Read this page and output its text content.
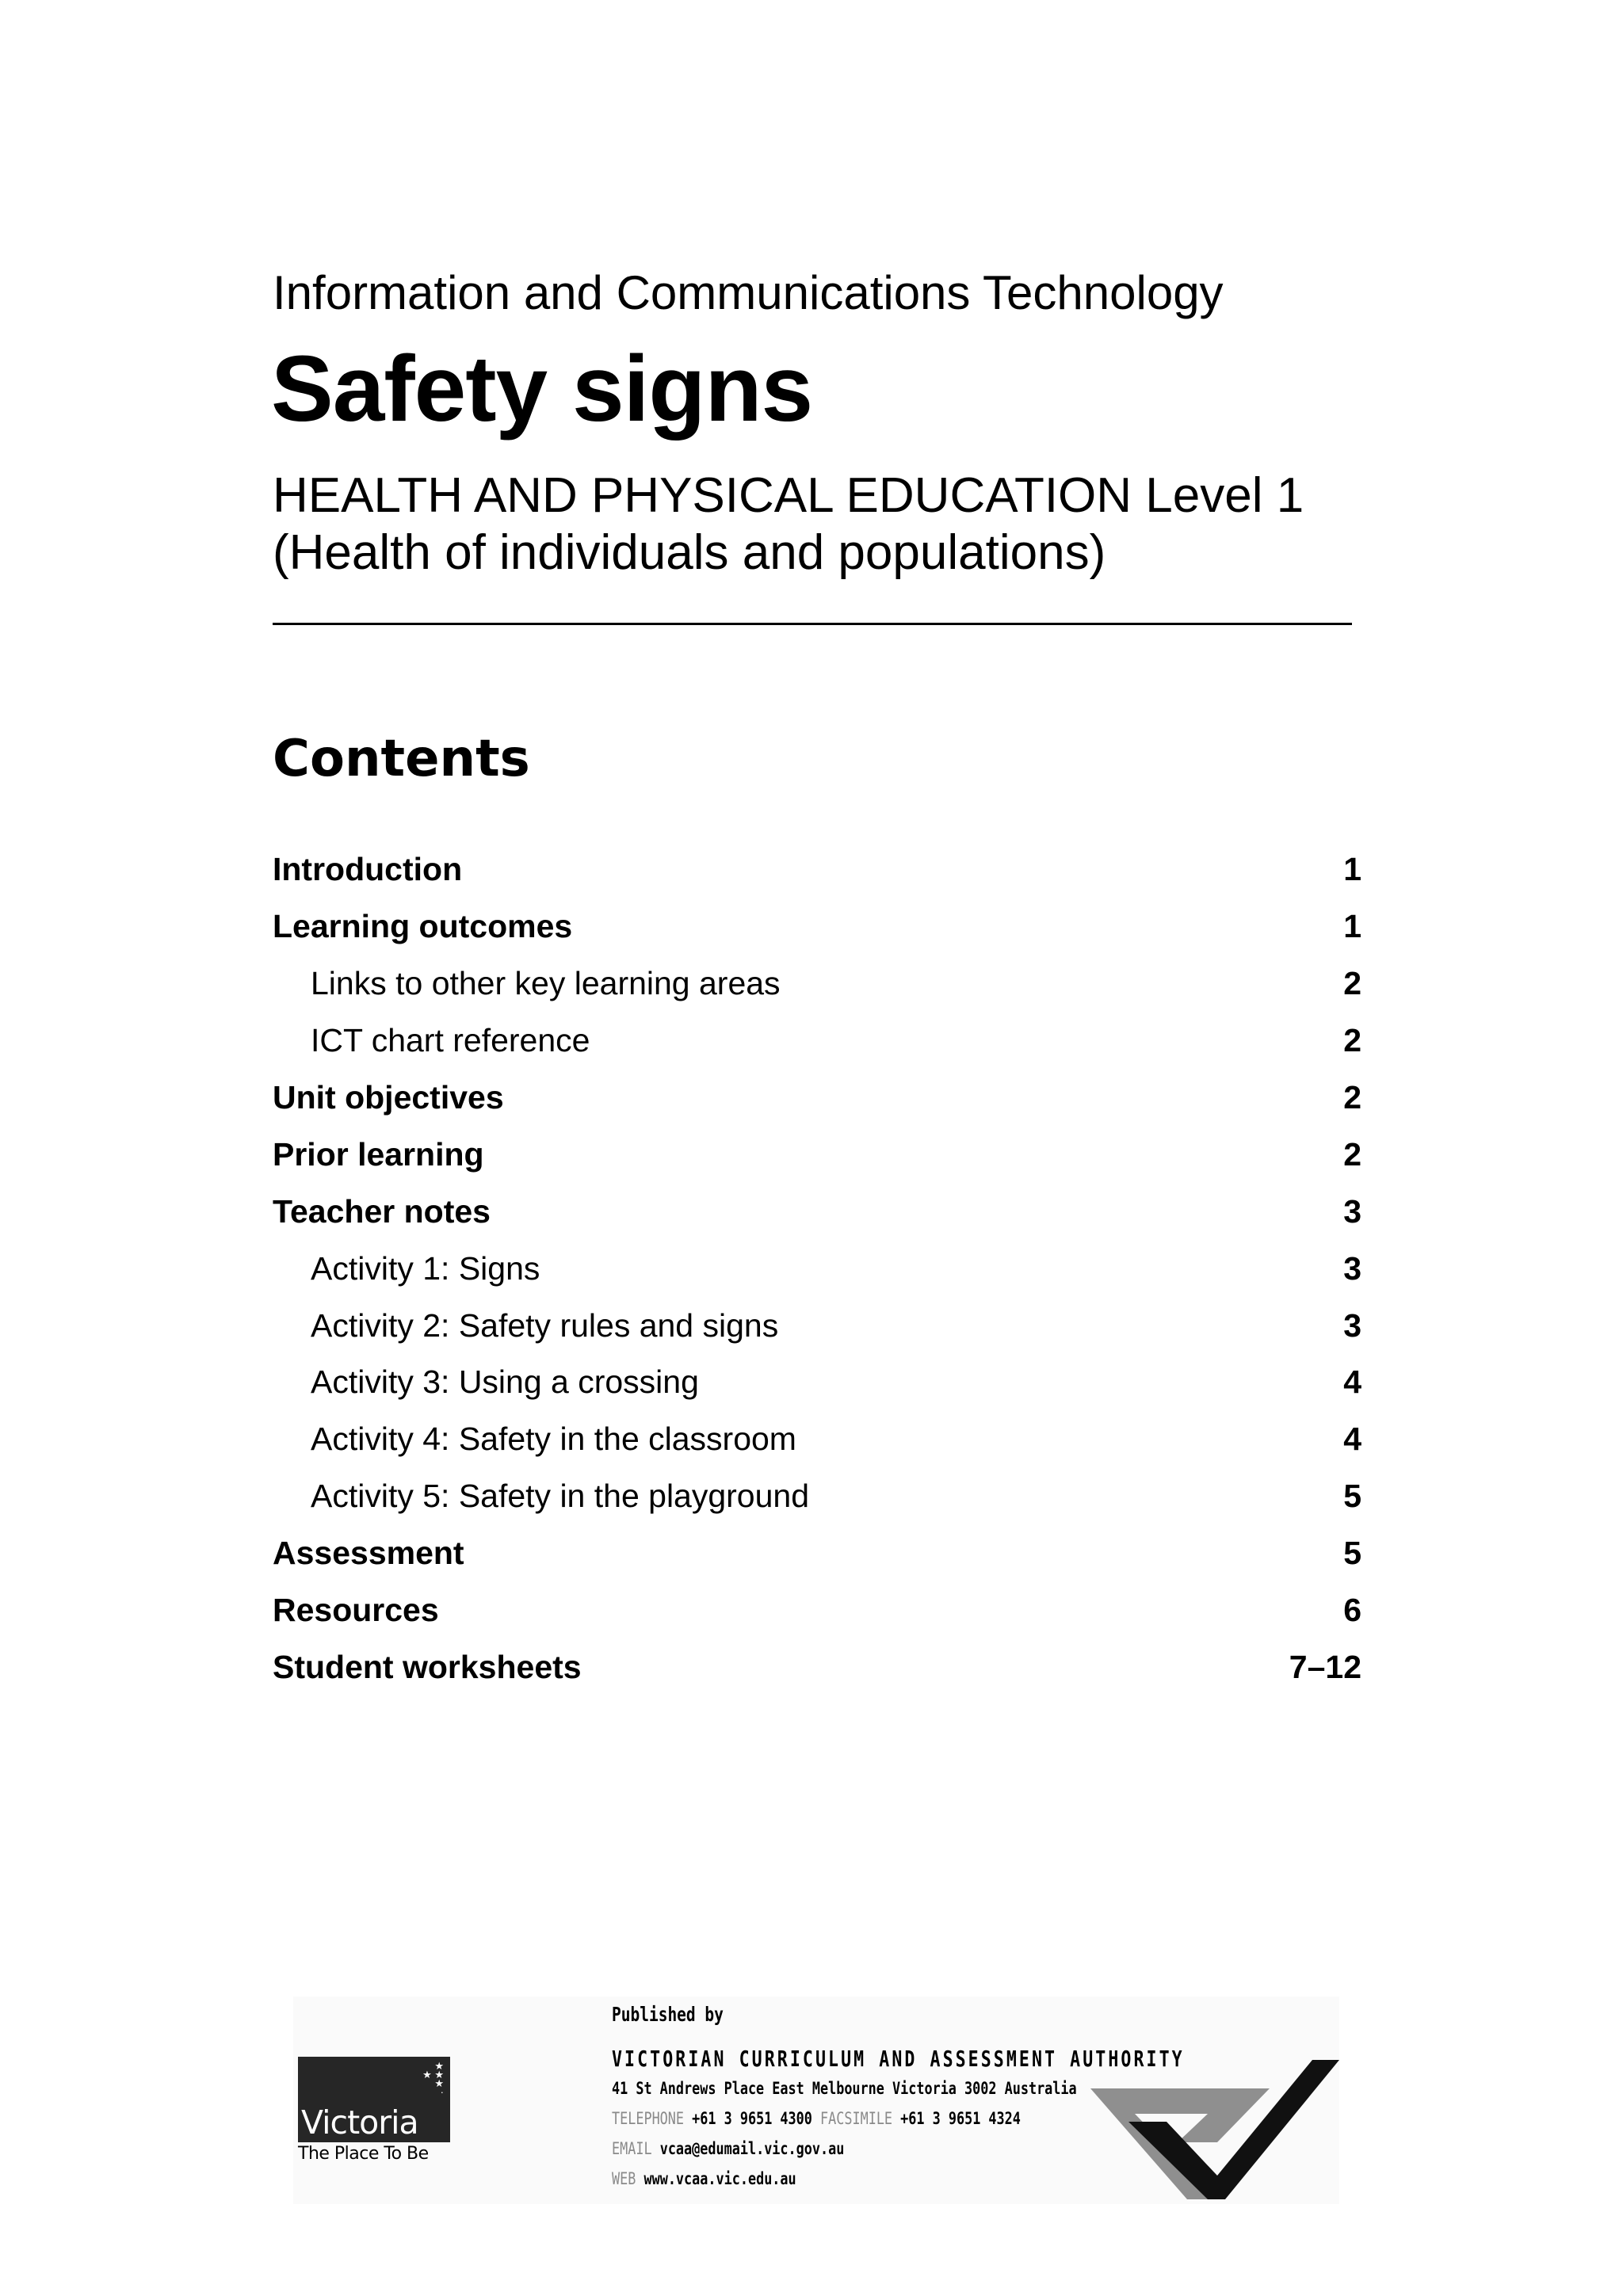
Information and Communications Technology
Safety signs
HEALTH AND PHYSICAL EDUCATION Level 1
(Health of individuals and populations)
Contents
Introduction	1
Learning outcomes	1
Links to other key learning areas	2
ICT chart reference	2
Unit objectives	2
Prior learning	2
Teacher notes	3
Activity 1: Signs	3
Activity 2: Safety rules and signs	3
Activity 3: Using a crossing	4
Activity 4: Safety in the classroom	4
Activity 5: Safety in the playground	5
Assessment	5
Resources	6
Student worksheets	7–12
★
★ ★
★
·
Victoria
The Place To Be
Published by
VICTORIAN CURRICULUM AND ASSESSMENT AUTHORITY
41 St Andrews Place East Melbourne Victoria 3002 Australia
TELEPHONE +61 3 9651 4300 FACSIMILE +61 3 9651 4324
EMAIL vcaa@edumail.vic.gov.au
WEB www.vcaa.vic.edu.au
